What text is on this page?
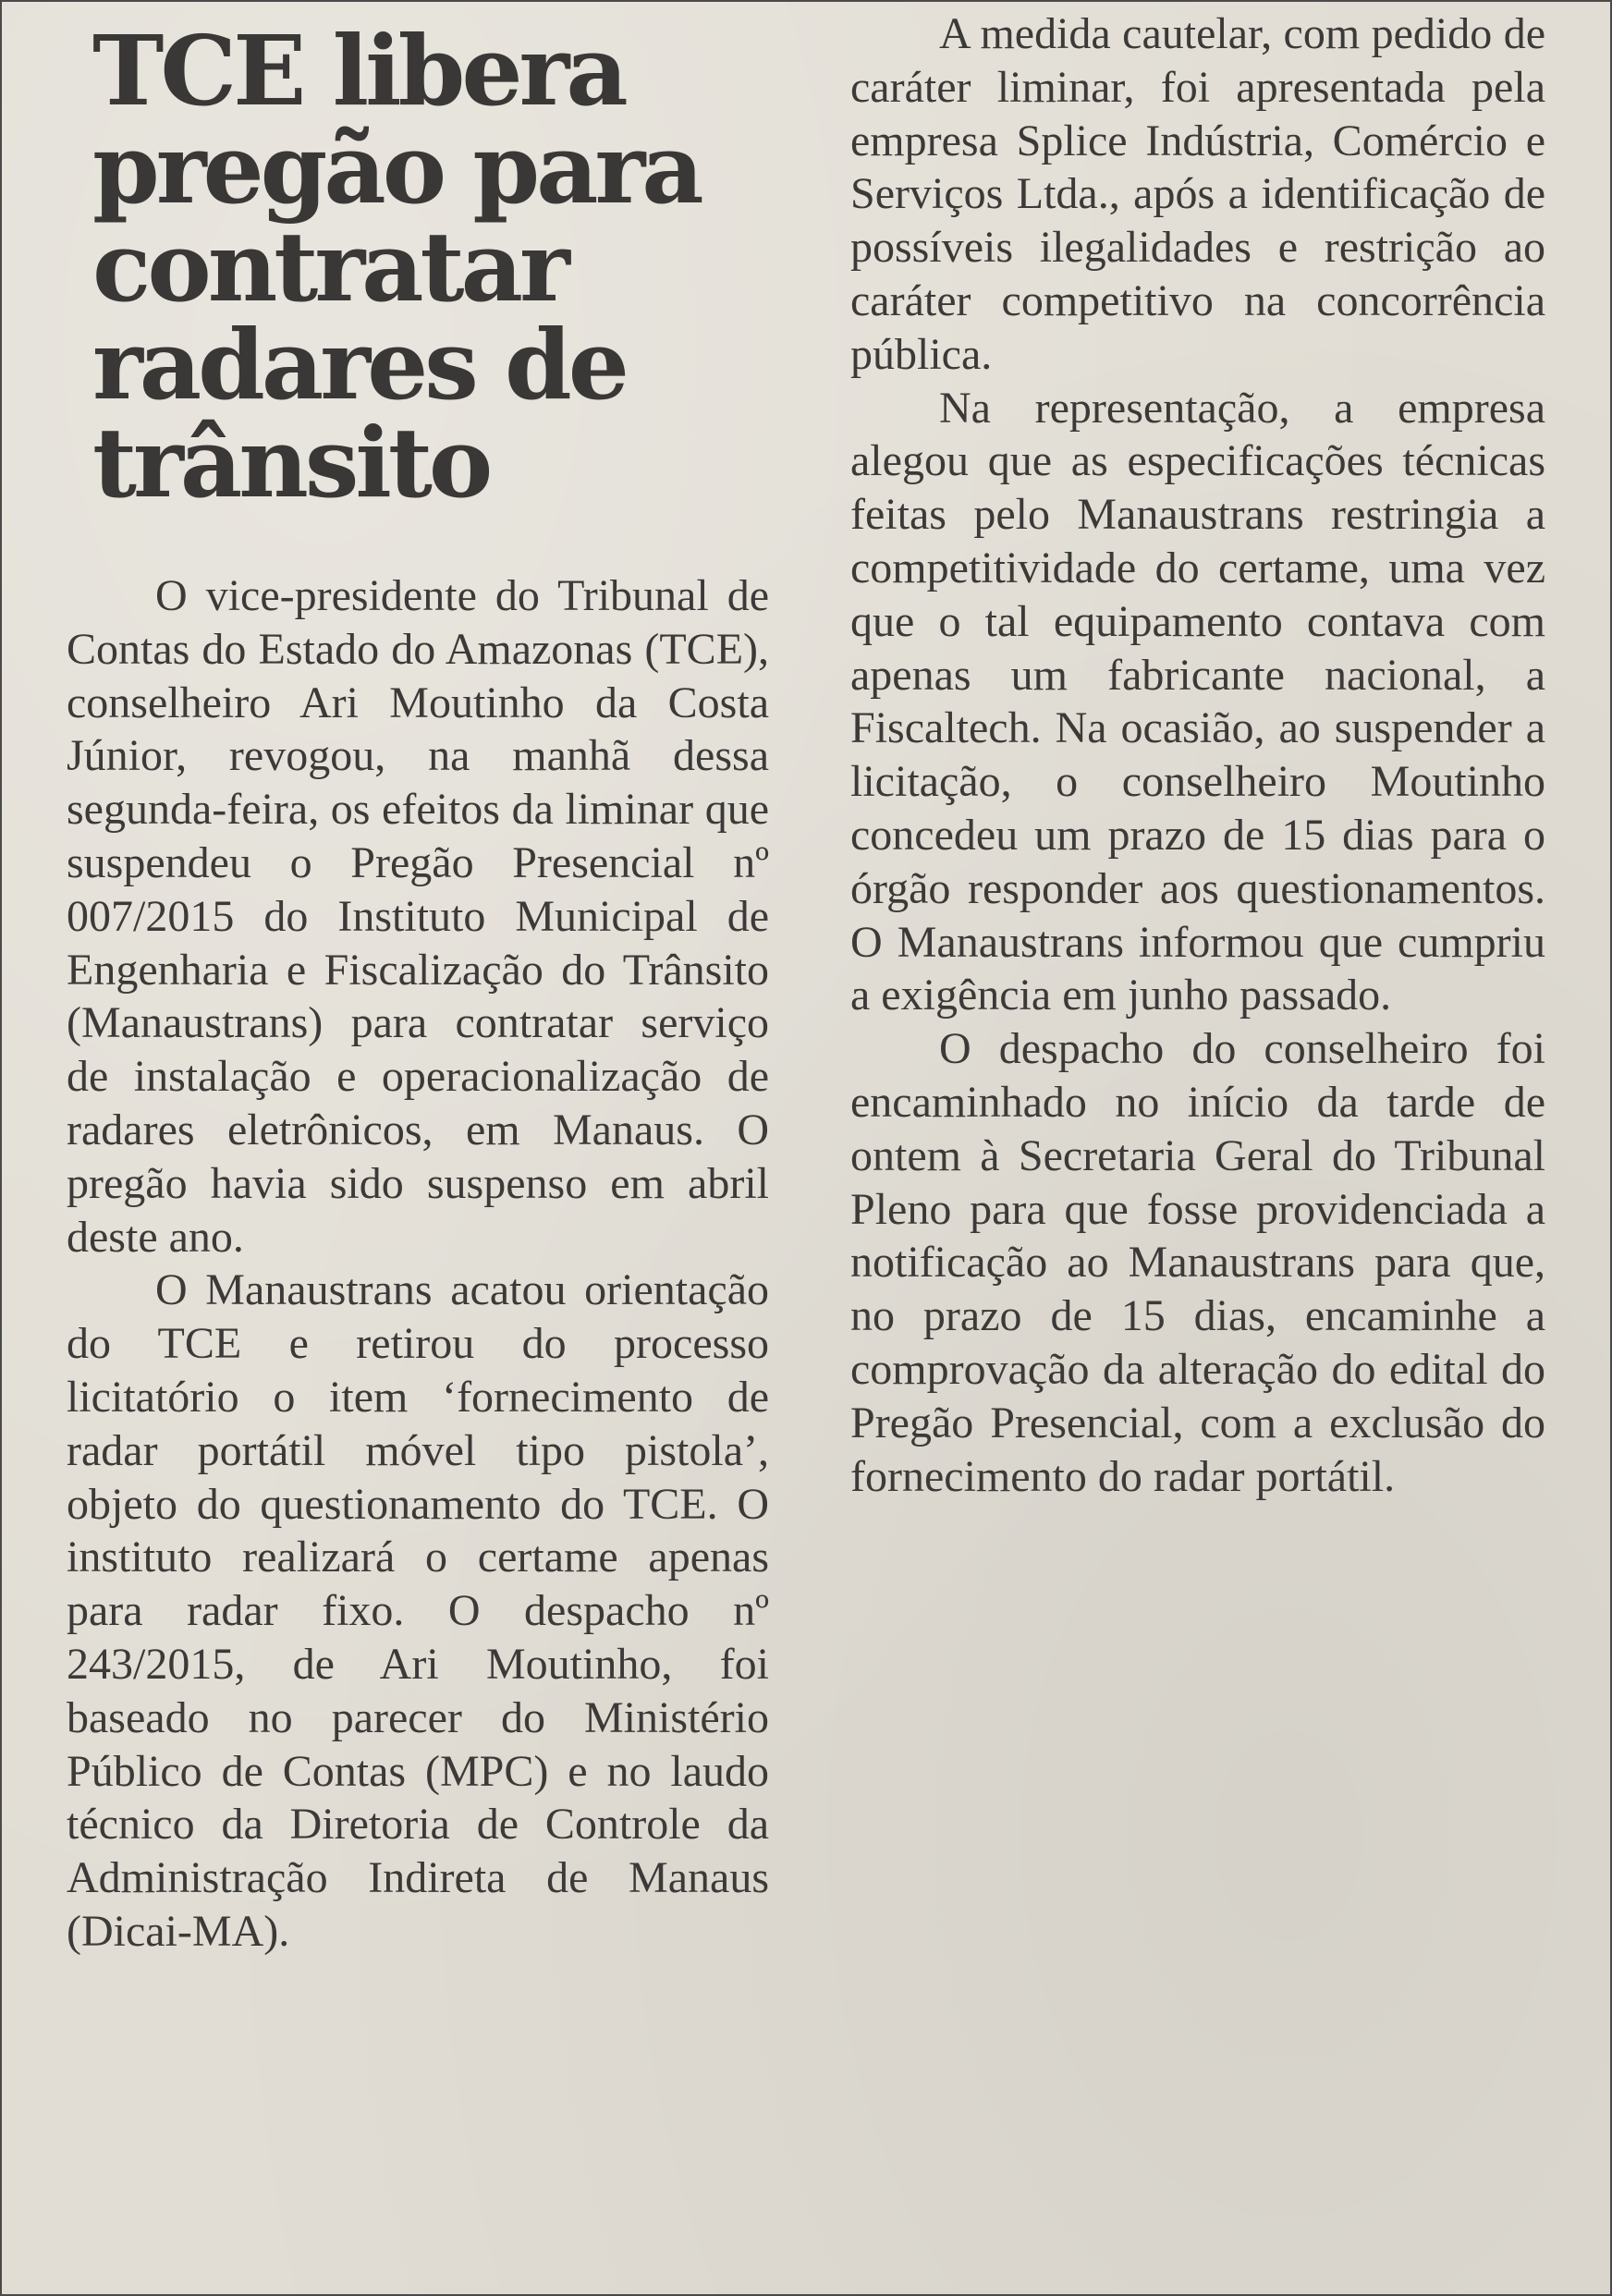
TCE libera
pregão para
contratar
radares de
trânsito

O vice-presidente do Tribunal de Contas do Estado do Amazonas (TCE), conselheiro Ari Moutinho da Costa Júnior, revogou, na manhã dessa segunda-feira, os efeitos da liminar que suspendeu o Pregão Presencial nº 007/2015 do Instituto Municipal de Engenharia e Fiscalização do Trânsito (Manaustrans) para contratar serviço de instalação e operacionalização de radares eletrônicos, em Manaus. O pregão havia sido suspenso em abril deste ano.

O Manaustrans acatou orientação do TCE e retirou do processo licitatório o item ‘fornecimento de radar portátil móvel tipo pistola’, objeto do questionamento do TCE. O instituto realizará o certame apenas para radar fixo. O despacho nº 243/2015, de Ari Moutinho, foi baseado no parecer do Ministério Público de Contas (MPC) e no laudo técnico da Diretoria de Controle da Administração Indireta de Manaus (Dicai-MA).

A medida cautelar, com pedido de caráter liminar, foi apresentada pela empresa Splice Indústria, Comércio e Serviços Ltda., após a identificação de possíveis ilegalidades e restrição ao caráter competitivo na concorrência pública.

Na representação, a empresa alegou que as especificações técnicas feitas pelo Manaustrans restringia a competitividade do certame, uma vez que o tal equipamento contava com apenas um fabricante nacional, a Fiscaltech. Na ocasião, ao suspender a licitação, o conselheiro Moutinho concedeu um prazo de 15 dias para o órgão responder aos questionamentos. O Manaustrans informou que cumpriu a exigência em junho passado.

O despacho do conselheiro foi encaminhado no início da tarde de ontem à Secretaria Geral do Tribunal Pleno para que fosse providenciada a notificação ao Manaustrans para que, no prazo de 15 dias, encaminhe a comprovação da alteração do edital do Pregão Presencial, com a exclusão do fornecimento do radar portátil.
